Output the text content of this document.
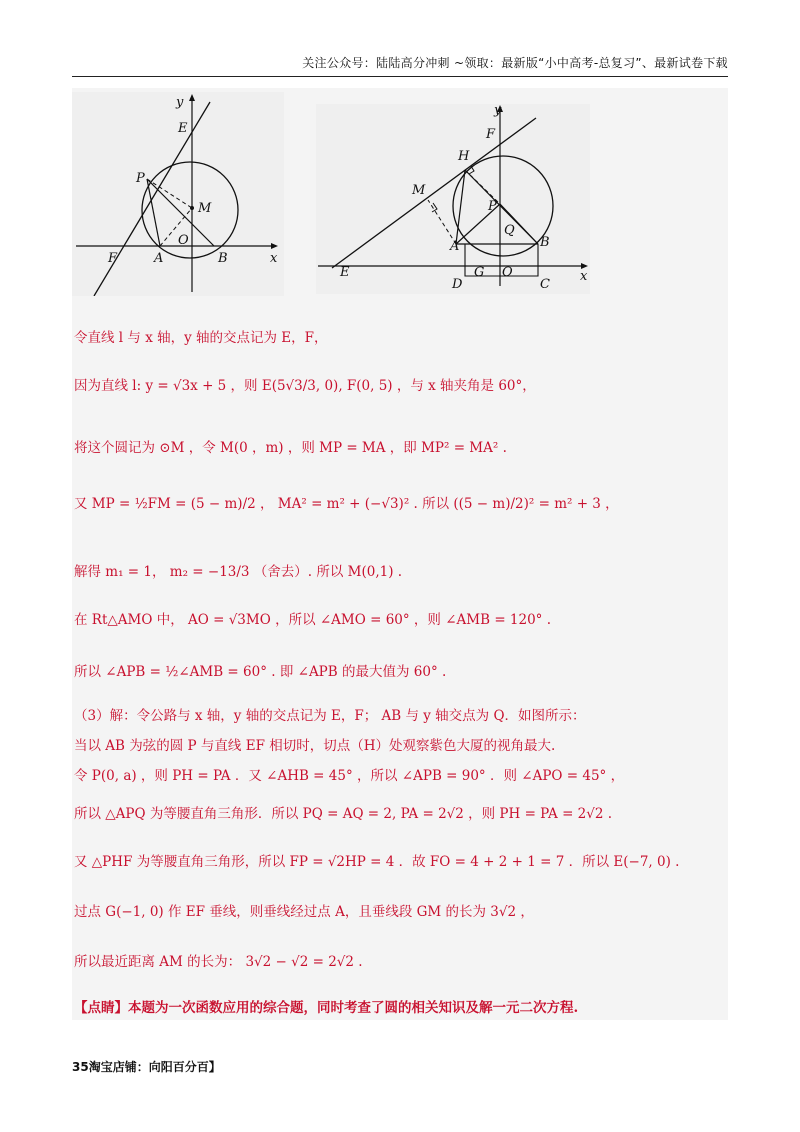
关注公众号：陆陆高分冲刺 ~领取：最新版“小中高考-总复习”、最新试卷下载
y
E
P
M
O
F	A	B	x
y
F
H
M
P
Q
A	B
E	G O
D	C
x
令直线 l 与 x 轴，y 轴的交点记为 E，F，
因为直线 l: y = √3x + 5 ，则 E(5√3/3, 0), F(0, 5) ，与 x 轴夹角是 60°，
将这个圆记为 ⊙M ，令 M(0 ，m) ，则 MP = MA ，即 MP² = MA² .
又 MP = ½FM = (5 − m)/2 ， MA² = m² + (−√3)² . 所以 ((5 − m)/2)² = m² + 3 ，
解得 m₁ = 1， m₂ = −13/3 （舍去）. 所以 M(0,1) .
在 Rt△AMO 中， AO = √3MO ，所以 ∠AMO = 60° ，则 ∠AMB = 120° .
所以 ∠APB = ½∠AMB = 60° . 即 ∠APB 的最大值为 60° .
（3）解：令公路与 x 轴，y 轴的交点记为 E，F； AB 与 y 轴交点为 Q．如图所示：
当以 AB 为弦的圆 P 与直线 EF 相切时，切点（H）处观察紫色大厦的视角最大.
令 P(0, a) ，则 PH = PA ．又 ∠AHB = 45° ，所以 ∠APB = 90° ．则 ∠APO = 45° ，
所以 △APQ 为等腰直角三角形．所以 PQ = AQ = 2, PA = 2√2 ，则 PH = PA = 2√2 .
又 △PHF 为等腰直角三角形，所以 FP = √2HP = 4 ．故 FO = 4 + 2 + 1 = 7 ．所以 E(−7, 0) .
过点 G(−1, 0) 作 EF 垂线，则垂线经过点 A，且垂线段 GM 的长为 3√2 ，
所以最近距离 AM 的长为： 3√2 − √2 = 2√2 .
【点睛】本题为一次函数应用的综合题，同时考查了圆的相关知识及解一元二次方程.
35淘宝店铺：向阳百分百】
